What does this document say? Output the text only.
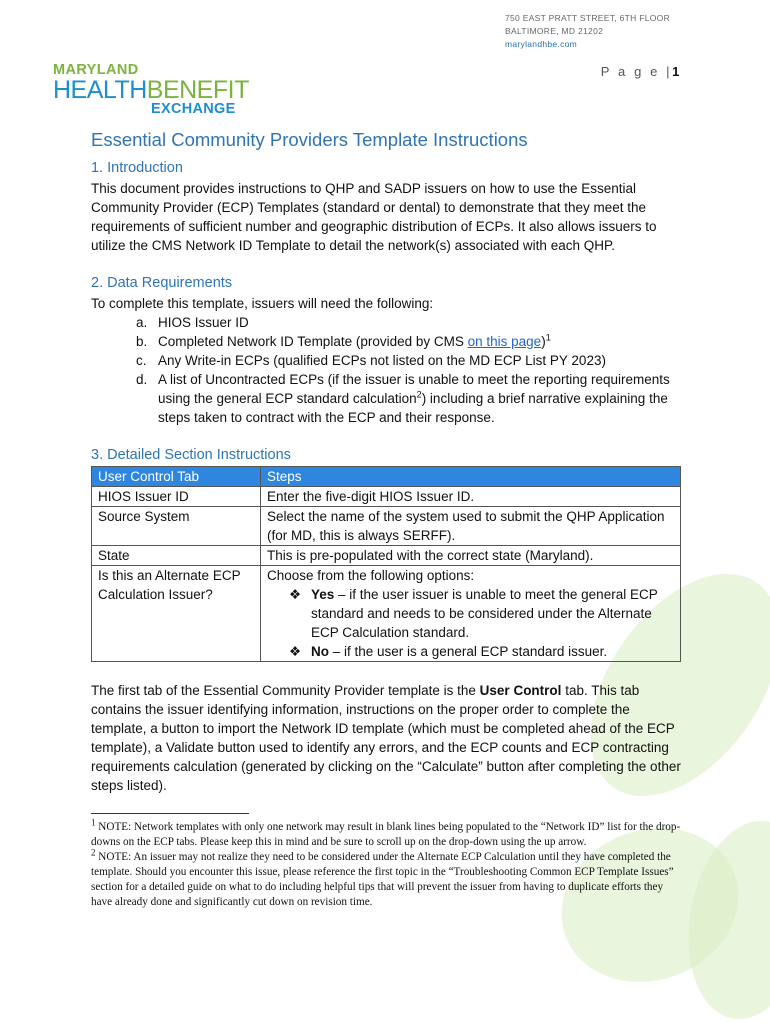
750 EAST PRATT STREET, 6TH FLOOR
BALTIMORE, MD 21202
marylandhbe.com
MARYLAND
HEALTHBENEFIT
EXCHANGE
P a g e |1
Essential Community Providers Template Instructions
1. Introduction

This document provides instructions to QHP and SADP issuers on how to use the Essential Community Provider (ECP) Templates (standard or dental) to demonstrate that they meet the requirements of sufficient number and geographic distribution of ECPs. It also allows issuers to utilize the CMS Network ID Template to detail the network(s) associated with each QHP.

2. Data Requirements

To complete this template, issuers will need the following:

a. HIOS Issuer ID
b. Completed Network ID Template (provided by CMS on this page)$^1$
c. Any Write-in ECPs (qualified ECPs not listed on the MD ECP List PY 2023)
d. A list of Uncontracted ECPs (if the issuer is unable to meet the reporting requirements using the general ECP standard calculation$^2$) including a brief narrative explaining the steps taken to contract with the ECP and their response.
3. Detailed Section Instructions
User Control Tab	Steps
HIOS Issuer ID	Enter the five-digit HIOS Issuer ID.
Source System	Select the name of the system used to submit the QHP Application (for MD, this is always SERFF).
State	This is pre-populated with the correct state (Maryland).
Is this an Alternate ECP Calculation Issuer?	Choose from the following options:
❖ Yes – if the user issuer is unable to meet the general ECP standard and needs to be considered under the Alternate ECP Calculation standard.
❖ No – if the user is a general ECP standard issuer.

The first tab of the Essential Community Provider template is the User Control tab. This tab contains the issuer identifying information, instructions on the proper order to complete the template, a button to import the Network ID template (which must be completed ahead of the ECP template), a Validate button used to identify any errors, and the ECP counts and ECP contracting requirements calculation (generated by clicking on the “Calculate” button after completing the other steps listed).

$^1$ NOTE: Network templates with only one network may result in blank lines being populated to the “Network ID” list for the drop-downs on the ECP tabs. Please keep this in mind and be sure to scroll up on the drop-down using the up arrow.

$^2$ NOTE: An issuer may not realize they need to be considered under the Alternate ECP Calculation until they have completed the template. Should you encounter this issue, please reference the first topic in the “Troubleshooting Common ECP Template Issues” section for a detailed guide on what to do including helpful tips that will prevent the issuer from having to duplicate efforts they have already done and significantly cut down on revision time.
